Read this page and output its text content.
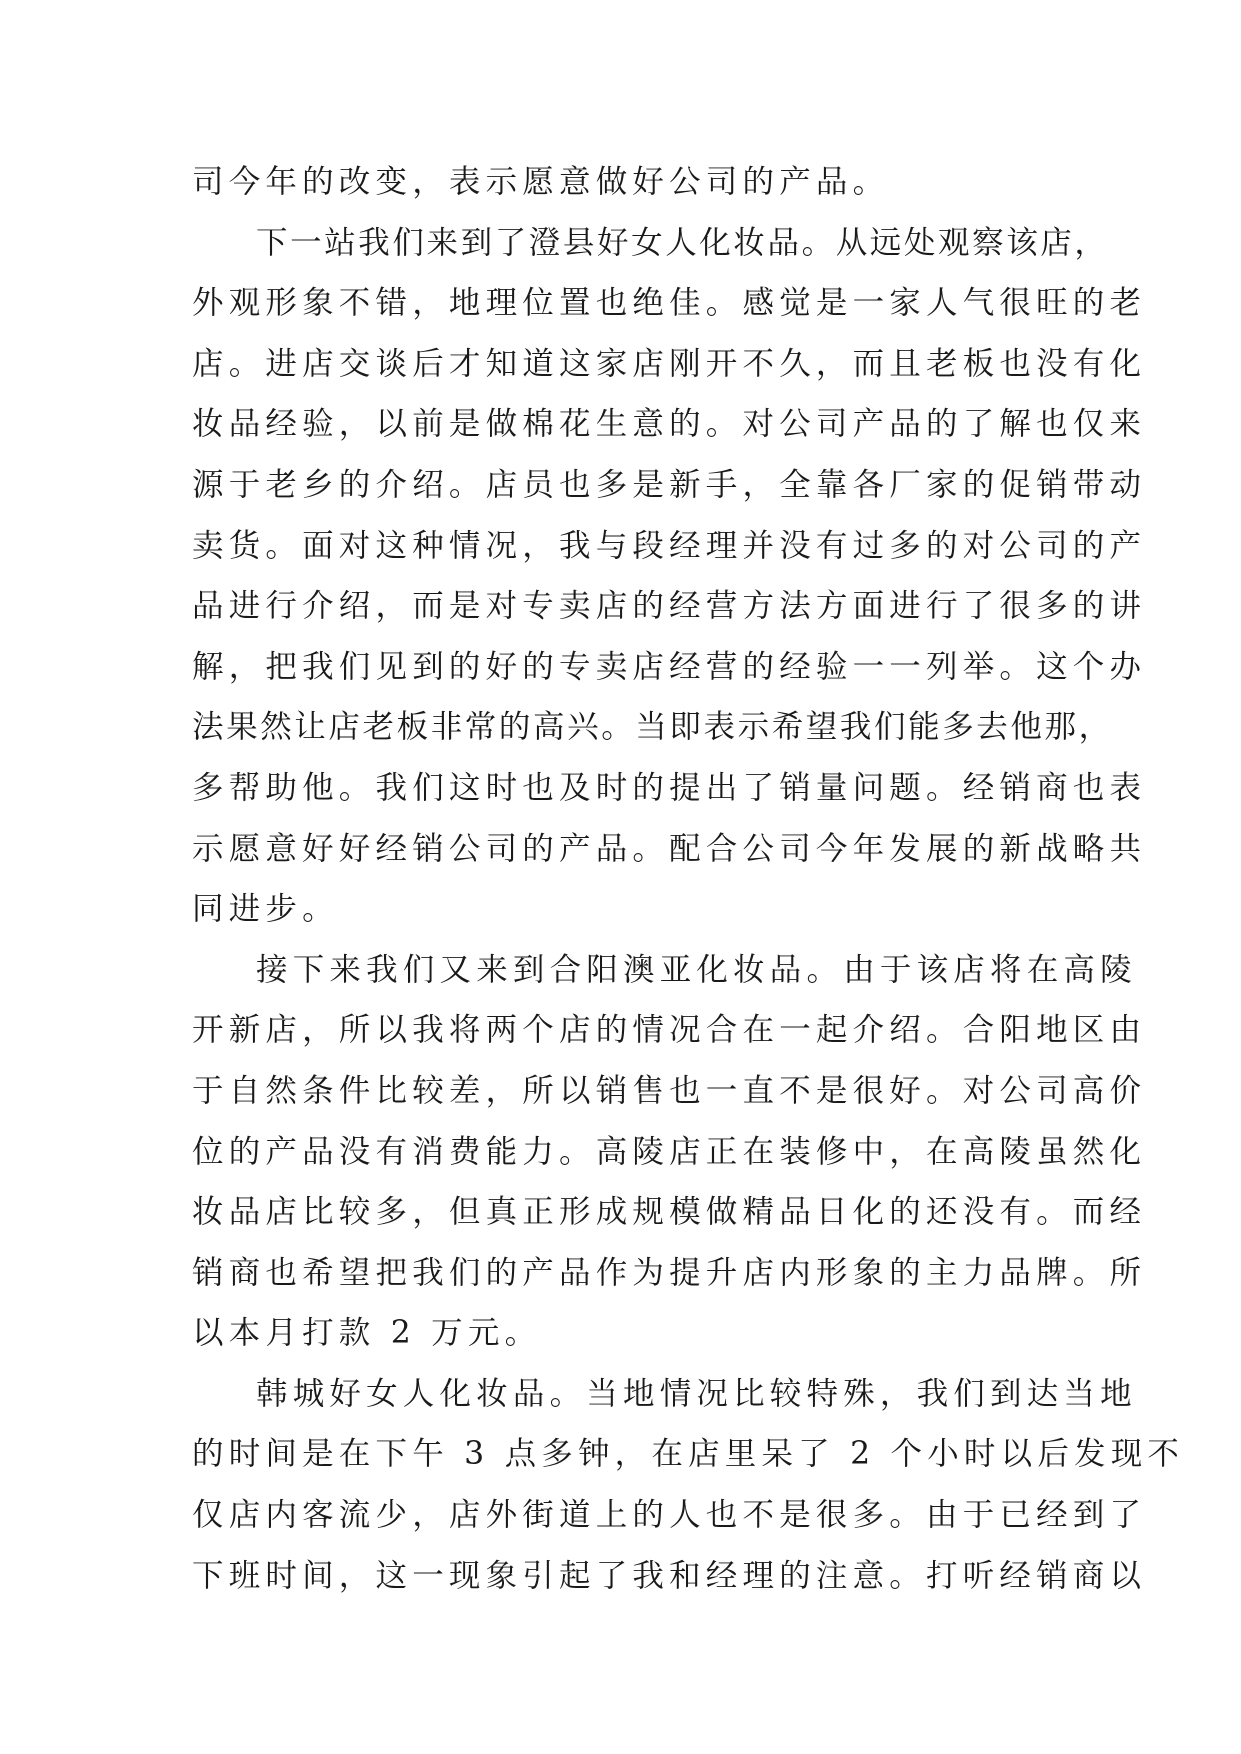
司今年的改变，表示愿意做好公司的产品。
下一站我们来到了澄县好女人化妆品。从远处观察该店，
外观形象不错，地理位置也绝佳。感觉是一家人气很旺的老
店。进店交谈后才知道这家店刚开不久，而且老板也没有化
妆品经验，以前是做棉花生意的。对公司产品的了解也仅来
源于老乡的介绍。店员也多是新手，全靠各厂家的促销带动
卖货。面对这种情况，我与段经理并没有过多的对公司的产
品进行介绍，而是对专卖店的经营方法方面进行了很多的讲
解，把我们见到的好的专卖店经营的经验一一列举。这个办
法果然让店老板非常的高兴。当即表示希望我们能多去他那，
多帮助他。我们这时也及时的提出了销量问题。经销商也表
示愿意好好经销公司的产品。配合公司今年发展的新战略共
同进步。
接下来我们又来到合阳澳亚化妆品。由于该店将在高陵
开新店，所以我将两个店的情况合在一起介绍。合阳地区由
于自然条件比较差，所以销售也一直不是很好。对公司高价
位的产品没有消费能力。高陵店正在装修中，在高陵虽然化
妆品店比较多，但真正形成规模做精品日化的还没有。而经
销商也希望把我们的产品作为提升店内形象的主力品牌。所
以本月打款 2 万元。
韩城好女人化妆品。当地情况比较特殊，我们到达当地
的时间是在下午 3 点多钟，在店里呆了 2 个小时以后发现不
仅店内客流少，店外街道上的人也不是很多。由于已经到了
下班时间，这一现象引起了我和经理的注意。打听经销商以
